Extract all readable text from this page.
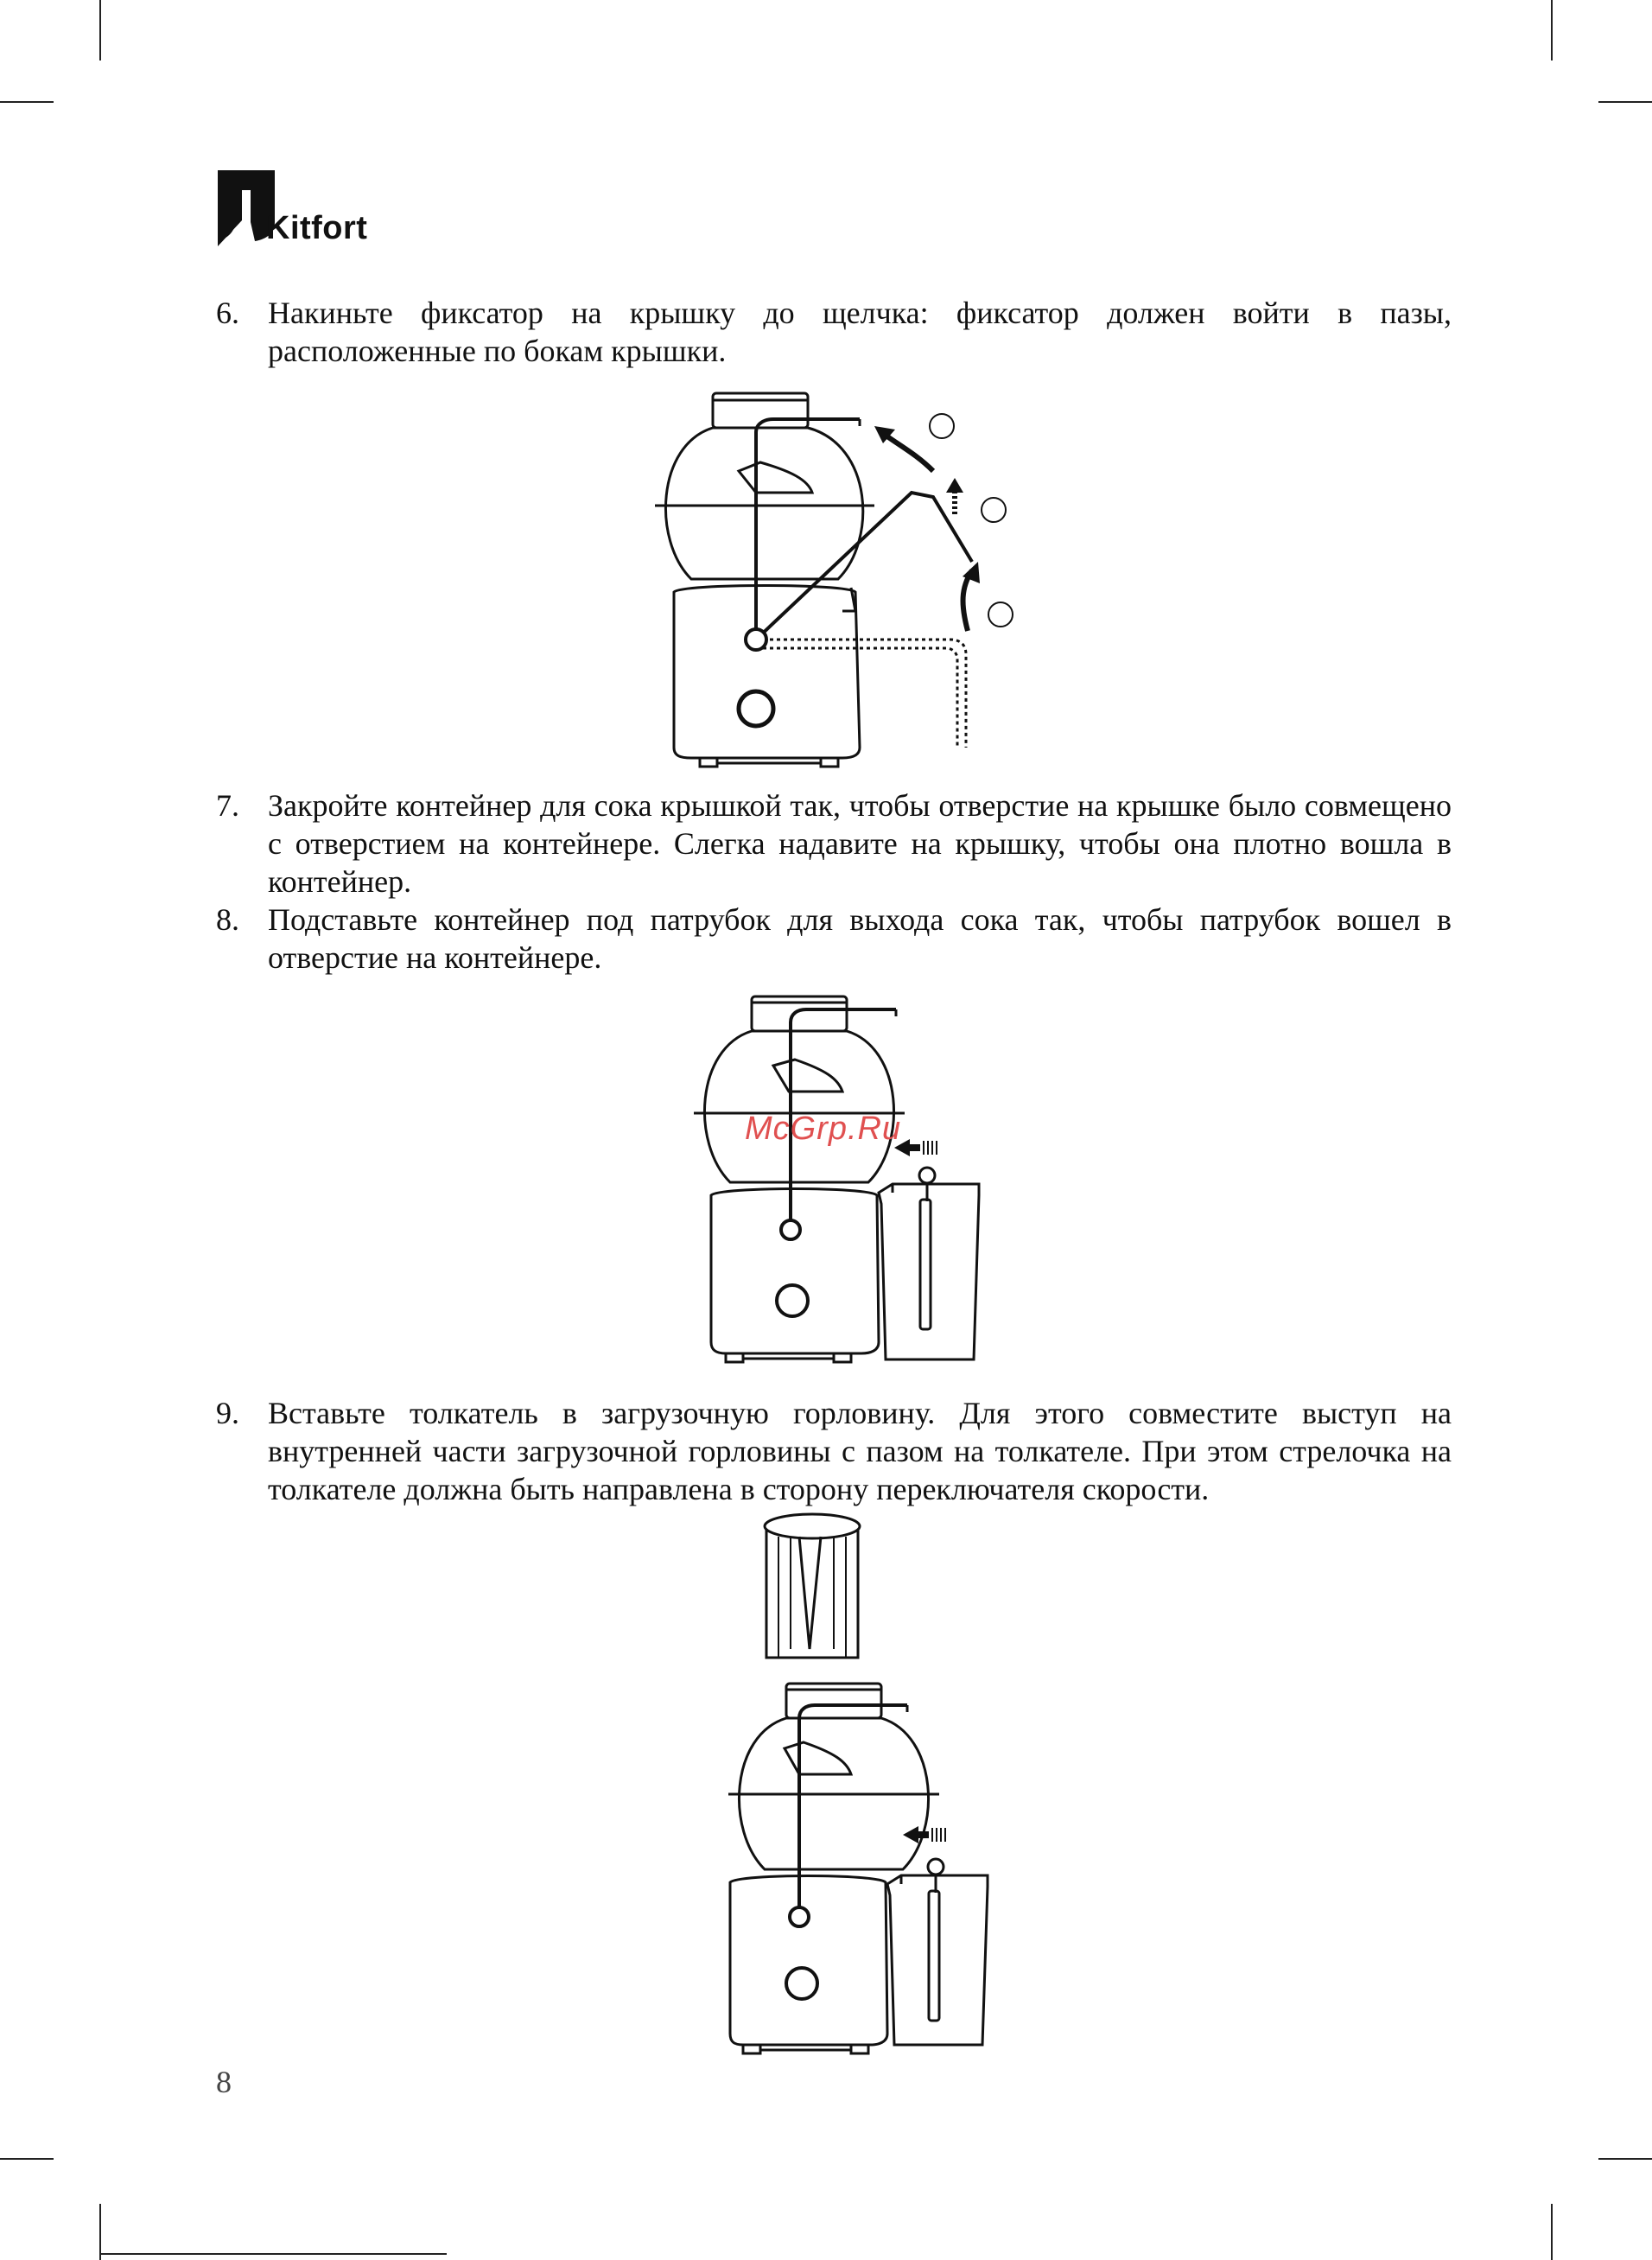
Kitfort
6. Накиньте фиксатор на крышку до щелчка: фиксатор должен войти в пазы, расположенные по бокам крышки.
7. Закройте контейнер для сока крышкой так, чтобы отверстие на крышке было совмещено с отверстием на контейнере. Слегка надавите на крышку, чтобы она плотно вошла в контейнер.
8. Подставьте контейнер под патрубок для выхода сока так, чтобы патрубок вошел в отверстие на контейнере.
McGrp.Ru
9. Вставьте толкатель в загрузочную горловину. Для этого совместите выступ на внутренней части загрузочной горловины с пазом на толкателе. При этом стрелочка на толкателе должна быть направлена в сторону переключателя скорости.
8
